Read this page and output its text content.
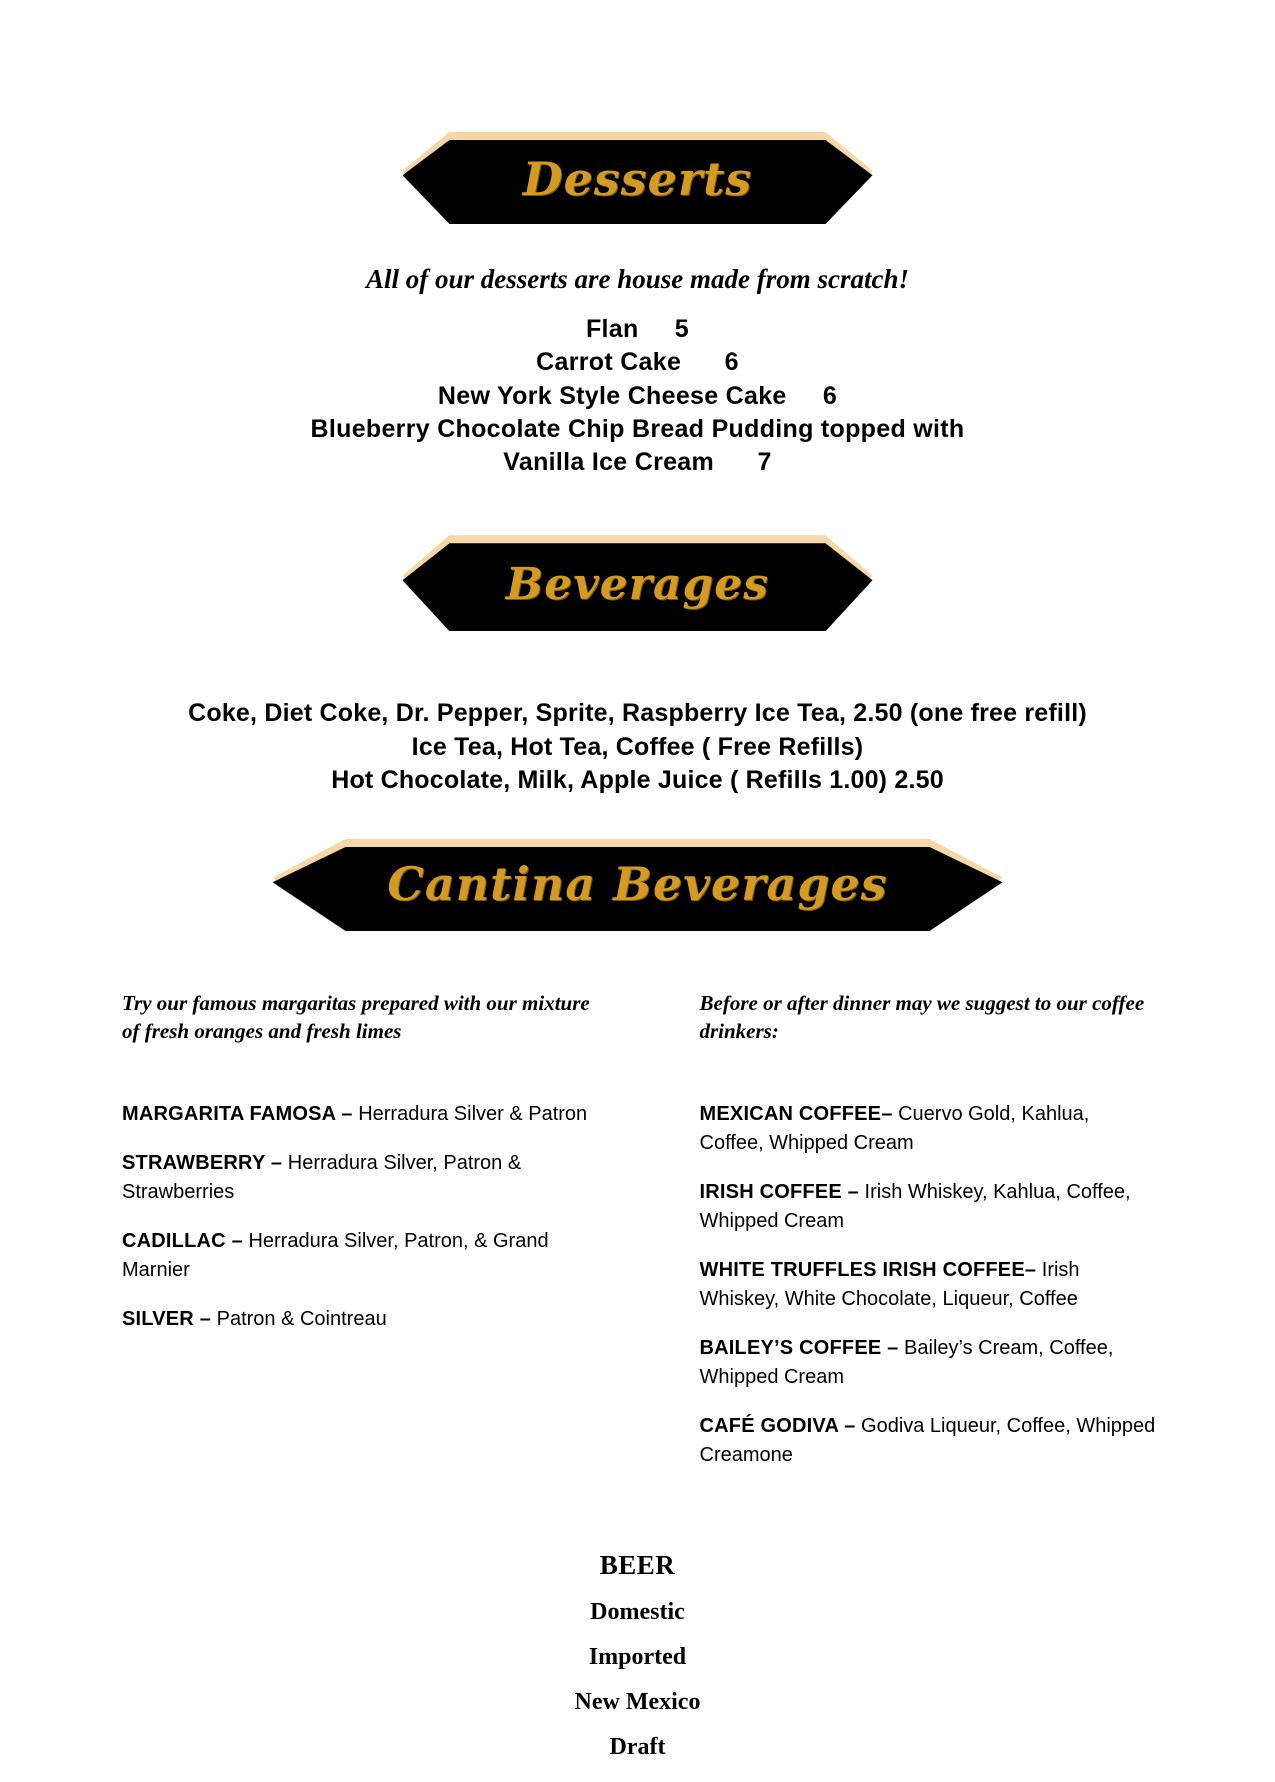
Desserts
All of our desserts are house made from scratch!
Flan     5
Carrot Cake      6
New York Style Cheese Cake     6
Blueberry Chocolate Chip Bread Pudding topped with
Vanilla Ice Cream      7
Beverages
Coke, Diet Coke, Dr. Pepper, Sprite, Raspberry Ice Tea, 2.50 (one free refill)
Ice Tea, Hot Tea, Coffee ( Free Refills)
Hot Chocolate, Milk, Apple Juice ( Refills 1.00) 2.50
Cantina Beverages
Try our famous margaritas prepared with our mixture of fresh oranges and fresh limes
MARGARITA FAMOSA – Herradura Silver & Patron
STRAWBERRY – Herradura Silver, Patron & Strawberries
CADILLAC – Herradura Silver, Patron, & Grand Marnier
SILVER – Patron & Cointreau
Before or after dinner may we suggest to our coffee drinkers:
MEXICAN COFFEE– Cuervo Gold, Kahlua, Coffee, Whipped Cream
IRISH COFFEE – Irish Whiskey, Kahlua, Coffee, Whipped Cream
WHITE TRUFFLES IRISH COFFEE– Irish Whiskey, White Chocolate, Liqueur, Coffee
BAILEY’S COFFEE – Bailey’s Cream, Coffee, Whipped Cream
CAFÉ GODIVA – Godiva Liqueur, Coffee, Whipped Creamone
BEER
Domestic
Imported
New Mexico
Draft
